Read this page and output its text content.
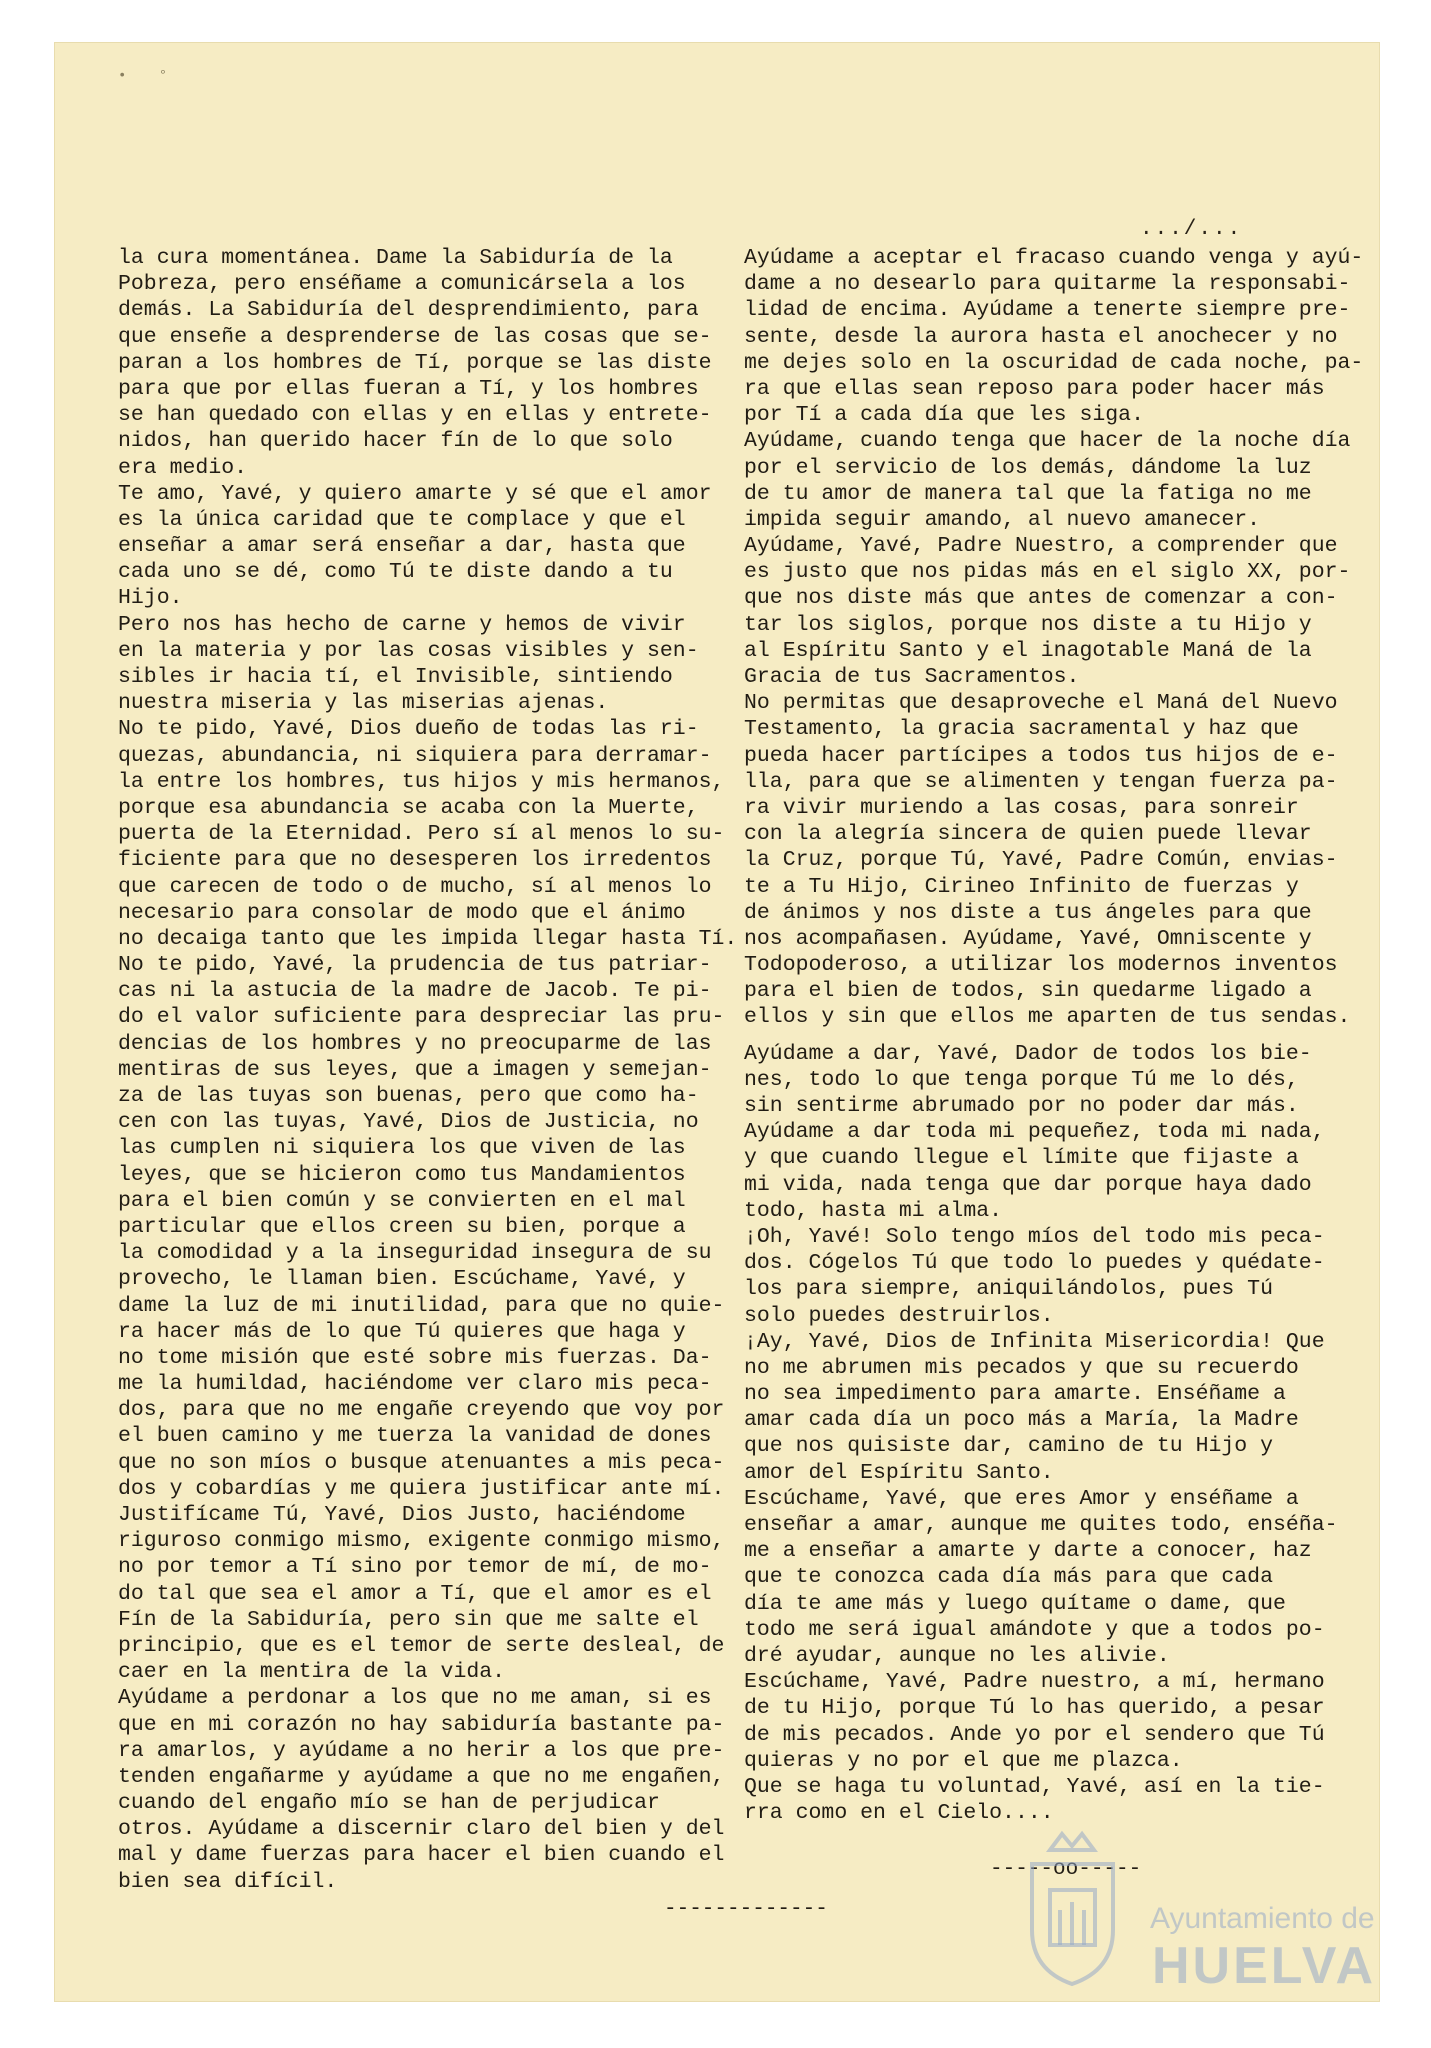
• °
.../...
la cura momentánea. Dame la Sabiduría de la
Pobreza, pero enséñame a comunicársela a los
demás. La Sabiduría del desprendimiento, para
que enseñe a desprenderse de las cosas que se-
paran a los hombres de Tí, porque se las diste
para que por ellas fueran a Tí, y los hombres
se han quedado con ellas y en ellas y entrete-
nidos, han querido hacer fín de lo que solo
era medio.
Te amo, Yavé, y quiero amarte y sé que el amor
es la única caridad que te complace y que el
enseñar a amar será enseñar a dar, hasta que
cada uno se dé, como Tú te diste dando a tu
Hijo.
Pero nos has hecho de carne y hemos de vivir
en la materia y por las cosas visibles y sen-
sibles ir hacia tí, el Invisible, sintiendo
nuestra miseria y las miserias ajenas.
No te pido, Yavé, Dios dueño de todas las ri-
quezas, abundancia, ni siquiera para derramar-
la entre los hombres, tus hijos y mis hermanos,
porque esa abundancia se acaba con la Muerte,
puerta de la Eternidad. Pero sí al menos lo su-
ficiente para que no desesperen los irredentos
que carecen de todo o de mucho, sí al menos lo
necesario para consolar de modo que el ánimo
no decaiga tanto que les impida llegar hasta Tí.
No te pido, Yavé, la prudencia de tus patriar-
cas ni la astucia de la madre de Jacob. Te pi-
do el valor suficiente para despreciar las pru-
dencias de los hombres y no preocuparme de las
mentiras de sus leyes, que a imagen y semejan-
za de las tuyas son buenas, pero que como ha-
cen con las tuyas, Yavé, Dios de Justicia, no
las cumplen ni siquiera los que viven de las
leyes, que se hicieron como tus Mandamientos
para el bien común y se convierten en el mal
particular que ellos creen su bien, porque a
la comodidad y a la inseguridad insegura de su
provecho, le llaman bien. Escúchame, Yavé, y
dame la luz de mi inutilidad, para que no quie-
ra hacer más de lo que Tú quieres que haga y
no tome misión que esté sobre mis fuerzas. Da-
me la humildad, haciéndome ver claro mis peca-
dos, para que no me engañe creyendo que voy por
el buen camino y me tuerza la vanidad de dones
que no son míos o busque atenuantes a mis peca-
dos y cobardías y me quiera justificar ante mí.
Justifícame Tú, Yavé, Dios Justo, haciéndome
riguroso conmigo mismo, exigente conmigo mismo,
no por temor a Tí sino por temor de mí, de mo-
do tal que sea el amor a Tí, que el amor es el
Fín de la Sabiduría, pero sin que me salte el
principio, que es el temor de serte desleal, de
caer en la mentira de la vida.
Ayúdame a perdonar a los que no me aman, si es
que en mi corazón no hay sabiduría bastante pa-
ra amarlos, y ayúdame a no herir a los que pre-
tenden engañarme y ayúdame a que no me engañen,
cuando del engaño mío se han de perjudicar
otros. Ayúdame a discernir claro del bien y del
mal y dame fuerzas para hacer el bien cuando el
bien sea difícil.
Ayúdame a aceptar el fracaso cuando venga y ayú-
dame a no desearlo para quitarme la responsabi-
lidad de encima. Ayúdame a tenerte siempre pre-
sente, desde la aurora hasta el anochecer y no
me dejes solo en la oscuridad de cada noche, pa-
ra que ellas sean reposo para poder hacer más
por Tí a cada día que les siga.
Ayúdame, cuando tenga que hacer de la noche día
por el servicio de los demás, dándome la luz
de tu amor de manera tal que la fatiga no me
impida seguir amando, al nuevo amanecer.
Ayúdame, Yavé, Padre Nuestro, a comprender que
es justo que nos pidas más en el siglo XX, por-
que nos diste más que antes de comenzar a con-
tar los siglos, porque nos diste a tu Hijo y
al Espíritu Santo y el inagotable Maná de la
Gracia de tus Sacramentos.
No permitas que desaproveche el Maná del Nuevo
Testamento, la gracia sacramental y haz que
pueda hacer partícipes a todos tus hijos de e-
lla, para que se alimenten y tengan fuerza pa-
ra vivir muriendo a las cosas, para sonreir
con la alegría sincera de quien puede llevar
la Cruz, porque Tú, Yavé, Padre Común, envias-
te a Tu Hijo, Cirineo Infinito de fuerzas y
de ánimos y nos diste a tus ángeles para que
nos acompañasen. Ayúdame, Yavé, Omniscente y
Todopoderoso, a utilizar los modernos inventos
para el bien de todos, sin quedarme ligado a
ellos y sin que ellos me aparten de tus sendas.
Ayúdame a dar, Yavé, Dador de todos los bie-
nes, todo lo que tenga porque Tú me lo dés,
sin sentirme abrumado por no poder dar más.
Ayúdame a dar toda mi pequeñez, toda mi nada,
y que cuando llegue el límite que fijaste a
mi vida, nada tenga que dar porque haya dado
todo, hasta mi alma.
¡Oh, Yavé! Solo tengo míos del todo mis peca-
dos. Cógelos Tú que todo lo puedes y quédate-
los para siempre, aniquilándolos, pues Tú
solo puedes destruirlos.
¡Ay, Yavé, Dios de Infinita Misericordia! Que
no me abrumen mis pecados y que su recuerdo
no sea impedimento para amarte. Enséñame a
amar cada día un poco más a María, la Madre
que nos quisiste dar, camino de tu Hijo y
amor del Espíritu Santo.
Escúchame, Yavé, que eres Amor y enséñame a
enseñar a amar, aunque me quites todo, enséña-
me a enseñar a amarte y darte a conocer, haz
que te conozca cada día más para que cada
día te ame más y luego quítame o dame, que
todo me será igual amándote y que a todos po-
dré ayudar, aunque no les alivie.
Escúchame, Yavé, Padre nuestro, a mí, hermano
de tu Hijo, porque Tú lo has querido, a pesar
de mis pecados. Ande yo por el sendero que Tú
quieras y no por el que me plazca.
Que se haga tu voluntad, Yavé, así en la tie-
rra como en el Cielo....
-----oo-----
-------------	Ayuntamiento de
HUELVA
